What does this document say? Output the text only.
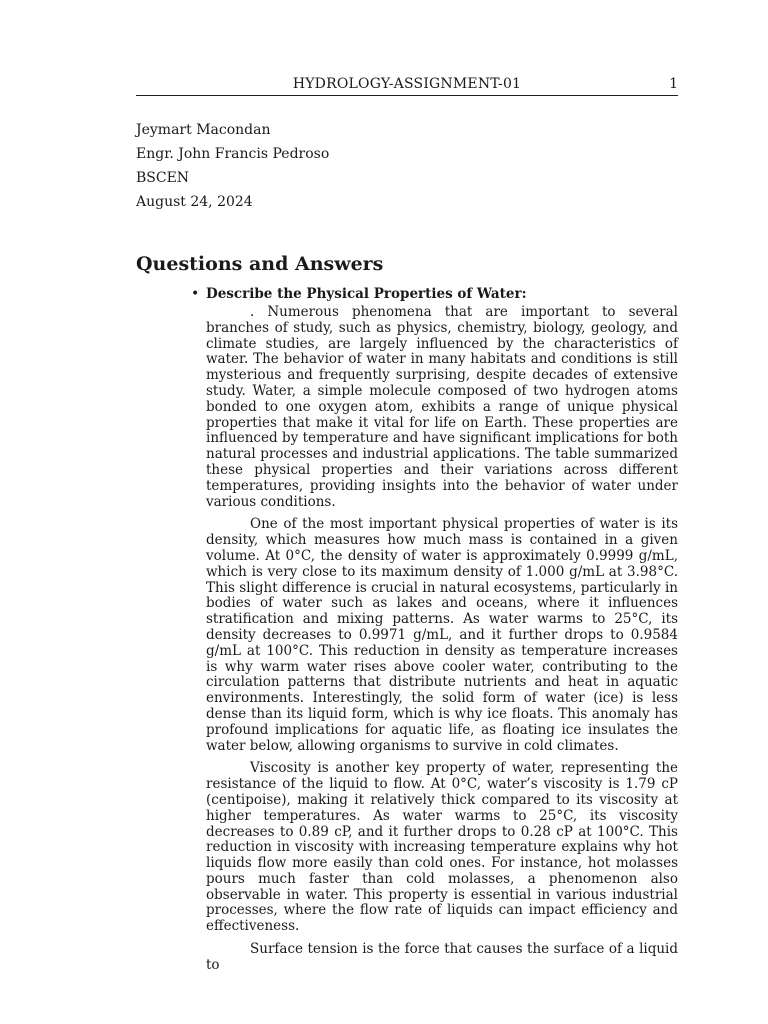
HYDROLOGY-ASSIGNMENT-01	1
Jeymart Macondan
Engr. John Francis Pedroso
BSCEN
August 24, 2024
Questions and Answers
• Describe the Physical Properties of Water:

. Numerous phenomena that are important to several branches of study, such as physics, chemistry, biology, geology, and climate studies, are largely influenced by the characteristics of water. The behavior of water in many habitats and conditions is still mysterious and frequently surprising, despite decades of extensive study. Water, a simple molecule composed of two hydrogen atoms bonded to one oxygen atom, exhibits a range of unique physical properties that make it vital for life on Earth. These properties are influenced by temperature and have significant implications for both natural processes and industrial applications. The table summarized these physical properties and their variations across different temperatures, providing insights into the behavior of water under various conditions.

One of the most important physical properties of water is its density, which measures how much mass is contained in a given volume. At 0°C, the density of water is approximately 0.9999 g/mL, which is very close to its maximum density of 1.000 g/mL at 3.98°C. This slight difference is crucial in natural ecosystems, particularly in bodies of water such as lakes and oceans, where it influences stratification and mixing patterns. As water warms to 25°C, its density decreases to 0.9971 g/mL, and it further drops to 0.9584 g/mL at 100°C. This reduction in density as temperature increases is why warm water rises above cooler water, contributing to the circulation patterns that distribute nutrients and heat in aquatic environments. Interestingly, the solid form of water (ice) is less dense than its liquid form, which is why ice floats. This anomaly has profound implications for aquatic life, as floating ice insulates the water below, allowing organisms to survive in cold climates.

Viscosity is another key property of water, representing the resistance of the liquid to flow. At 0°C, water’s viscosity is 1.79 cP (centipoise), making it relatively thick compared to its viscosity at higher temperatures. As water warms to 25°C, its viscosity decreases to 0.89 cP, and it further drops to 0.28 cP at 100°C. This reduction in viscosity with increasing temperature explains why hot liquids flow more easily than cold ones. For instance, hot molasses pours much faster than cold molasses, a phenomenon also observable in water. This property is essential in various industrial processes, where the flow rate of liquids can impact efficiency and effectiveness.

Surface tension is the force that causes the surface of a liquid to
